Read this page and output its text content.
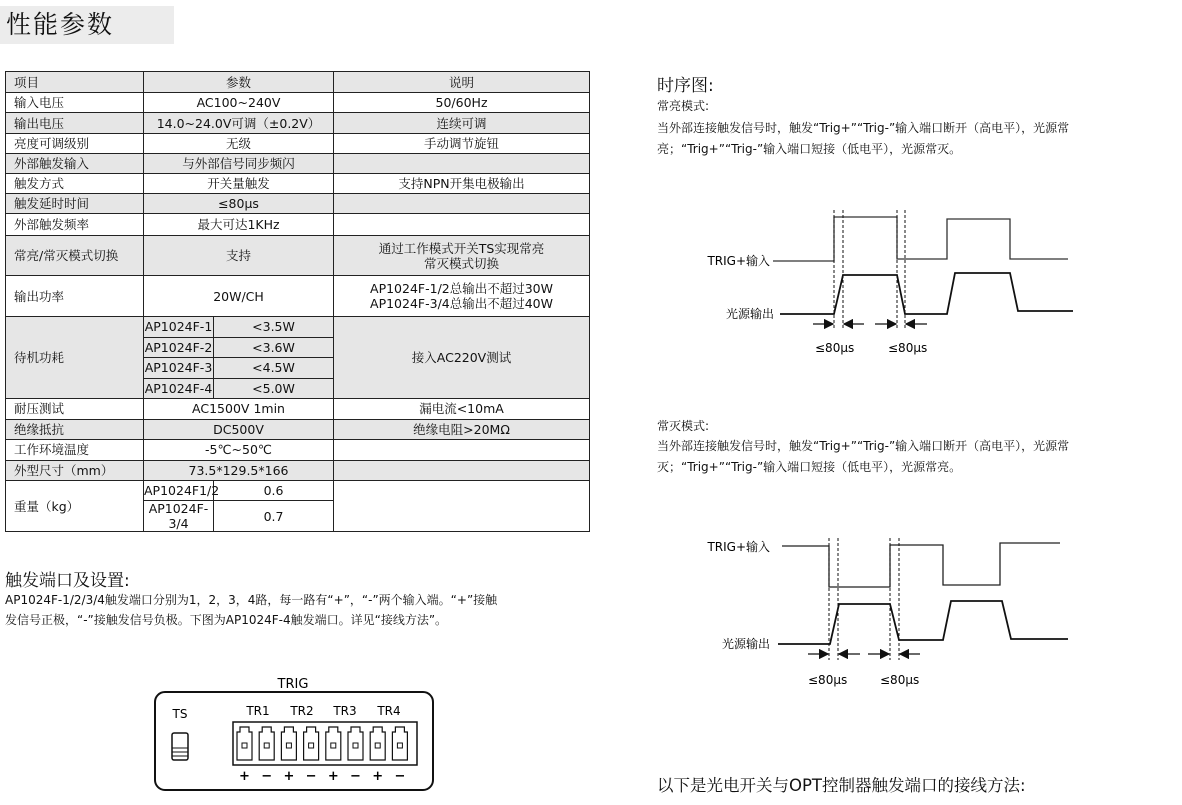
性能参数
项目	参数		说明
输入电压	AC100~240V		50/60Hz
输出电压	14.0~24.0V可调（±0.2V）		连续可调
亮度可调级别	无级		手动调节旋钮
外部触发输入	与外部信号同步频闪		
触发方式	开关量触发		支持NPN开集电极输出
触发延时时间	≤80μs		
外部触发频率	最大可达1KHz		
常亮/常灭模式切换	支持		通过工作模式开关TS实现常亮
常灭模式切换
输出功率	20W/CH		AP1024F-1/2总输出不超过30W
AP1024F-3/4总输出不超过40W
待机功耗	AP1024F-1	<3.5W	接入AC220V测试
	AP1024F-2	<3.6W	
	AP1024F-3	<4.5W	
	AP1024F-4	<5.0W	
耐压测试	AC1500V 1min		漏电流<10mA
绝缘抵抗	DC500V		绝缘电阻>20MΩ
工作环境温度	-5℃~50℃		
外型尺寸（mm）	73.5*129.5*166		
重量（kg）	AP1024F1/2	0.6	
	AP1024F-3/4	0.7	
触发端口及设置:
AP1024F-1/2/3/4触发端口分别为1，2，3，4路，每一路有“+”，“-”两个输入端。“+”接触
发信号正极，“-”接触发信号负极。下图为AP1024F-4触发端口。详见“接线方法”。
TRIG
TS	TR1 TR2 TR3 TR4
+ − + − + − + −
时序图:
常亮模式:
当外部连接触发信号时，触发“Trig+”“Trig-”输入端口断开（高电平），光源常
亮；“Trig+”“Trig-”输入端口短接（低电平），光源常灭。
常灭模式:
当外部连接触发信号时，触发“Trig+”“Trig-”输入端口断开（高电平），光源常
灭；“Trig+”“Trig-”输入端口短接（低电平），光源常亮。
TRIG+输入
光源输出
≤80μs	≤80μs
TRIG+输入
光源输出
≤80μs	≤80μs
以下是光电开关与OPT控制器触发端口的接线方法:
